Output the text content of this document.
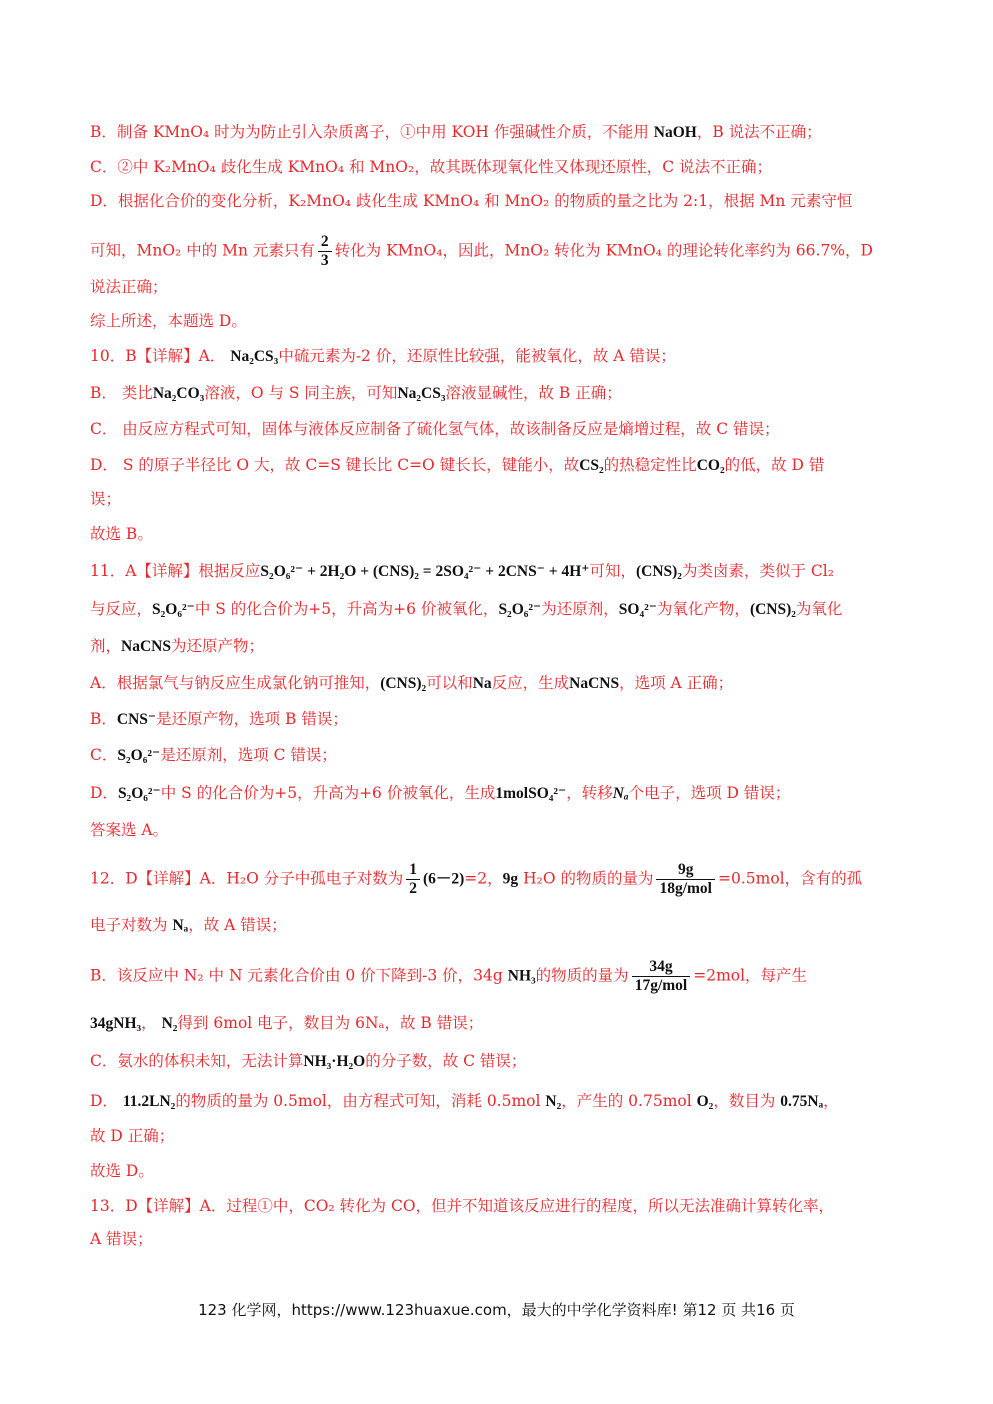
B．制备 KMnO₄ 时为为防止引入杂质离子，①中用 KOH 作强碱性介质，不能用 NaOH，B 说法不正确；
C．②中 K₂MnO₄ 歧化生成 KMnO₄ 和 MnO₂，故其既体现氧化性又体现还原性，C 说法不正确；
D．根据化合价的变化分析，K₂MnO₄ 歧化生成 KMnO₄ 和 MnO₂ 的物质的量之比为 2:1，根据 Mn 元素守恒
可知，MnO₂ 中的 Mn 元素只有 $\frac{2}{3}$ 转化为 KMnO₄，因此，MnO₂ 转化为 KMnO₄ 的理论转化率约为 66.7%，D
说法正确；
综上所述，本题选 D。
10．B【详解】A． Na₂CS₃中硫元素为-2 价，还原性比较强，能被氧化，故 A 错误；
B． 类比Na₂CO₃溶液，O 与 S 同主族，可知Na₂CS₃溶液显碱性，故 B 正确；
C． 由反应方程式可知，固体与液体反应制备了硫化氢气体，故该制备反应是熵增过程，故 C 错误；
D． S 的原子半径比 O 大，故 C=S 键长比 C=O 键长长，键能小，故CS₂的热稳定性比CO₂的低，故 D 错
误；
故选 B。
11．A【详解】根据反应S₂O₆²⁻ + 2H₂O + (CNS)₂ = 2SO₄²⁻ + 2CNS⁻ + 4H⁺可知，(CNS)₂为类卤素，类似于 Cl₂
与反应，S₂O₆²⁻中 S 的化合价为+5，升高为+6 价被氧化，S₂O₆²⁻为还原剂，SO₄²⁻为氧化产物，(CNS)₂为氧化
剂，NaCNS为还原产物；
A．根据氯气与钠反应生成氯化钠可推知，(CNS)₂可以和Na反应，生成NaCNS，选项 A 正确；
B．CNS⁻是还原产物，选项 B 错误；
C．S₂O₆²⁻是还原剂，选项 C 错误；
D．S₂O₆²⁻中 S 的化合价为+5，升高为+6 价被氧化，生成1molSO₄²⁻，转移Nₐ个电子，选项 D 错误；
答案选 A。
12．D【详解】A．H₂O 分子中孤电子对数为 $\frac{1}{2} (6-2)=2$，9g H₂O 的物质的量为 $\frac{9g}{\text{18g/mol}} =0.5mol$，含有的孤
电子对数为 Nₐ，故 A 错误；
B．该反应中 N₂ 中 N 元素化合价由 0 价下降到-3 价，34g NH₃的物质的量为 $\frac{34g}{\text{17g/mol}} =2mol$，每产生
34gNH₃， N₂得到 6mol 电子，数目为 6Nₐ，故 B 错误；
C．氨水的体积未知，无法计算NH₃·H₂O的分子数，故 C 错误；
D． 11.2LN₂的物质的量为 0.5mol，由方程式可知，消耗 0.5mol N₂，产生的 0.75mol O₂，数目为 0.75Nₐ，
故 D 正确；
故选 D。
13．D【详解】A．过程①中，CO₂ 转化为 CO，但并不知道该反应进行的程度，所以无法准确计算转化率，
A 错误；
123 化学网，https://www.123huaxue.com，最大的中学化学资料库! 第12 页 共16 页
